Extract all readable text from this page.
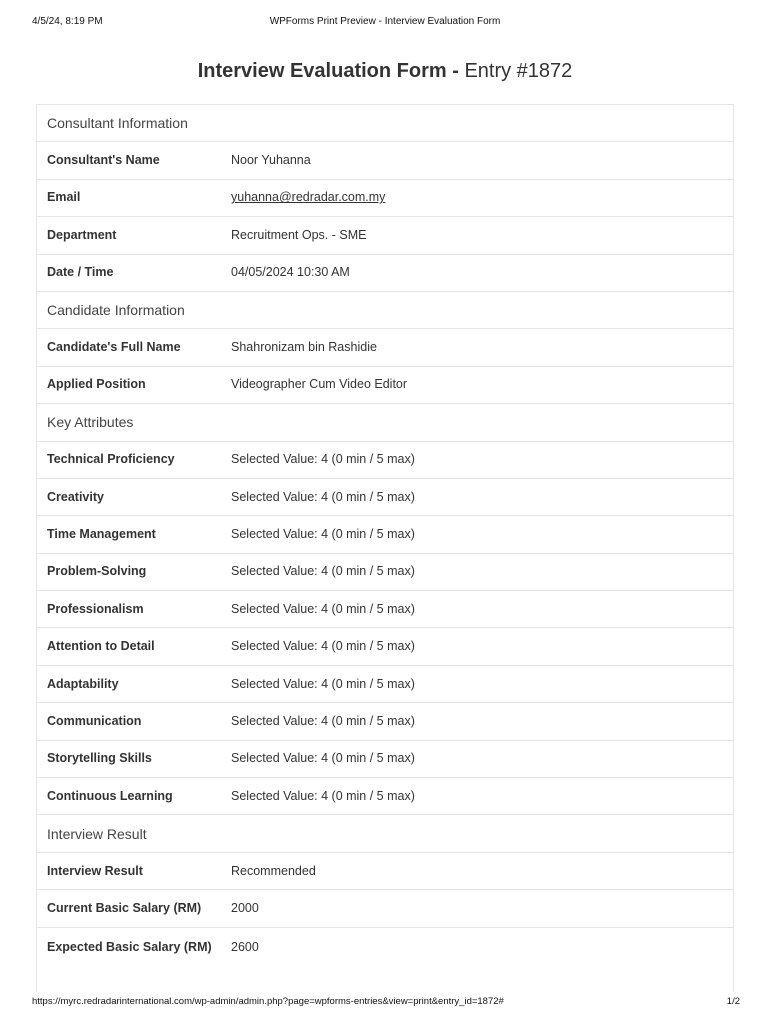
4/5/24, 8:19 PM	WPForms Print Preview - Interview Evaluation Form
Interview Evaluation Form - Entry #1872
Consultant Information
Consultant's Name	Noor Yuhanna
Email	yuhanna@redradar.com.my
Department	Recruitment Ops. - SME
Date / Time	04/05/2024 10:30 AM
Candidate Information
Candidate's Full Name	Shahronizam bin Rashidie
Applied Position	Videographer Cum Video Editor
Key Attributes
Technical Proficiency	Selected Value: 4 (0 min / 5 max)
Creativity	Selected Value: 4 (0 min / 5 max)
Time Management	Selected Value: 4 (0 min / 5 max)
Problem-Solving	Selected Value: 4 (0 min / 5 max)
Professionalism	Selected Value: 4 (0 min / 5 max)
Attention to Detail	Selected Value: 4 (0 min / 5 max)
Adaptability	Selected Value: 4 (0 min / 5 max)
Communication	Selected Value: 4 (0 min / 5 max)
Storytelling Skills	Selected Value: 4 (0 min / 5 max)
Continuous Learning	Selected Value: 4 (0 min / 5 max)
Interview Result
Interview Result	Recommended
Current Basic Salary (RM)	2000
Expected Basic Salary (RM)	2600
https://myrc.redradarinternational.com/wp-admin/admin.php?page=wpforms-entries&view=print&entry_id=1872#	1/2
